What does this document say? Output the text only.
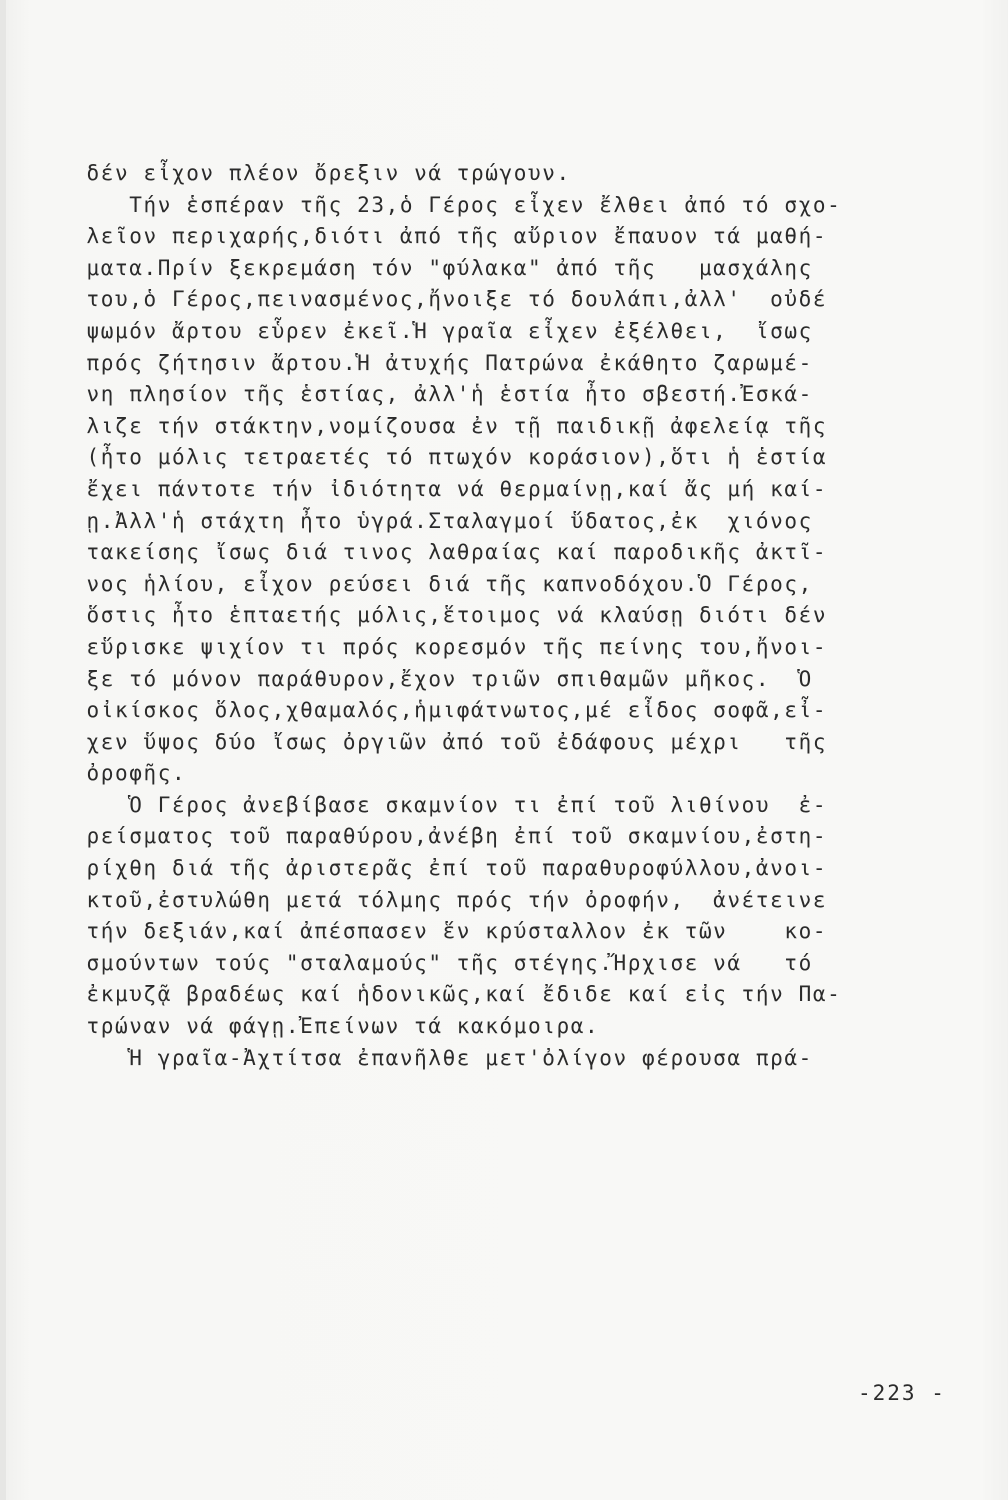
δέν εἶχον πλέον ὄρεξιν νά τρώγουν.
Τήν ἑσπέραν τῆς 23,ὁ Γέρος εἶχεν ἔλθει ἀπό τό σχο-
λεῖον περιχαρής,διότι ἀπό τῆς αὔριον ἔπαυον τά μαθή-
ματα.Πρίν ξεκρεμάση τόν "φύλακα" ἀπό τῆς   μασχάλης
του,ὁ Γέρος,πεινασμένος,ἤνοιξε τό δουλάπι,ἀλλ'  οὐδέ
ψωμόν ἄρτου εὗρεν ἐκεῖ.Ἡ γραῖα εἶχεν ἐξέλθει,  ἴσως
πρός ζήτησιν ἄρτου.Ἡ ἀτυχής Πατρώνα ἐκάθητο ζαρωμέ-
νη πλησίον τῆς ἑστίας, ἀλλ'ἡ ἑστία ἦτο σβεστή.Ἐσκά-
λιζε τήν στάκτην,νομίζουσα ἐν τῇ παιδικῇ ἀφελείᾳ τῆς
(ἦτο μόλις τετραετές τό πτωχόν κοράσιον),ὅτι ἡ ἑστία
ἔχει πάντοτε τήν ἰδιότητα νά θερμαίνῃ,καί ἄς μή καί-
ῃ.Ἀλλ'ἡ στάχτη ἦτο ὑγρά.Σταλαγμοί ὕδατος,ἐκ  χιόνος
τακείσης ἴσως διά τινος λαθραίας καί παροδικῆς ἀκτῖ-
νος ἡλίου, εἶχον ρεύσει διά τῆς καπνοδόχου.Ὁ Γέρος,
ὅστις ἦτο ἑπταετής μόλις,ἕτοιμος νά κλαύσῃ διότι δέν
εὕρισκε ψιχίον τι πρός κορεσμόν τῆς πείνης του,ἤνοι-
ξε τό μόνον παράθυρον,ἔχον τριῶν σπιθαμῶν μῆκος.  Ὁ
οἰκίσκος ὅλος,χθαμαλός,ἡμιφάτνωτος,μέ εἶδος σοφᾶ,εἶ-
χεν ὕψος δύο ἴσως ὀργιῶν ἀπό τοῦ ἐδάφους μέχρι   τῆς
ὀροφῆς.
Ὁ Γέρος ἀνεβίβασε σκαμνίον τι ἐπί τοῦ λιθίνου  ἐ-
ρείσματος τοῦ παραθύρου,ἀνέβη ἐπί τοῦ σκαμνίου,ἐστη-
ρίχθη διά τῆς ἀριστερᾶς ἐπί τοῦ παραθυροφύλλου,ἀνοι-
κτοῦ,ἐστυλώθη μετά τόλμης πρός τήν ὀροφήν,  ἀνέτεινε
τήν δεξιάν,καί ἀπέσπασεν ἕν κρύσταλλον ἐκ τῶν    κο-
σμούντων τούς "σταλαμούς" τῆς στέγης.Ἤρχισε νά   τό
ἐκμυζᾷ βραδέως καί ἡδονικῶς,καί ἔδιδε καί εἰς τήν Πα-
τρώναν νά φάγῃ.Ἐπείνων τά κακόμοιρα.
Ἡ γραῖα-Ἀχτίτσα ἐπανῆλθε μετ'ὀλίγον φέρουσα πρά-
-223 -
